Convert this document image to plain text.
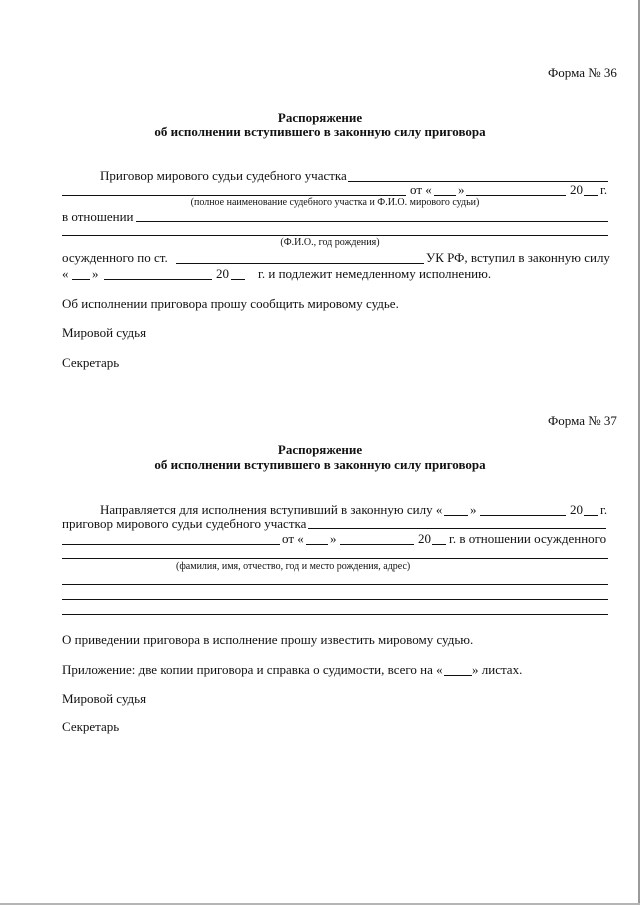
Форма № 36
Распоряжение
об исполнении вступившего в законную силу приговора
Приговор мирового судьи судебного участка
от « »	20 г.
(полное наименование судебного участка и Ф.И.О. мирового судьи)
в отношении
(Ф.И.О., год рождения)
осужденного по ст.	УК РФ, вступил в законную силу
« »	20 г. и подлежит немедленному исполнению.
Об исполнении приговора прошу сообщить мировому судье.
Мировой судья
Секретарь
Форма № 37
Распоряжение
об исполнении вступившего в законную силу приговора
Направляется для исполнения вступивший в законную силу « »	20 г.
приговор мирового судьи судебного участка
от « »	20 г. в отношении осужденного
(фамилия, имя, отчество, год и место рождения, адрес)
О приведении приговора в исполнение прошу известить мировому судью.
Приложение: две копии приговора и справка о судимости, всего на « » листах.
Мировой судья
Секретарь
